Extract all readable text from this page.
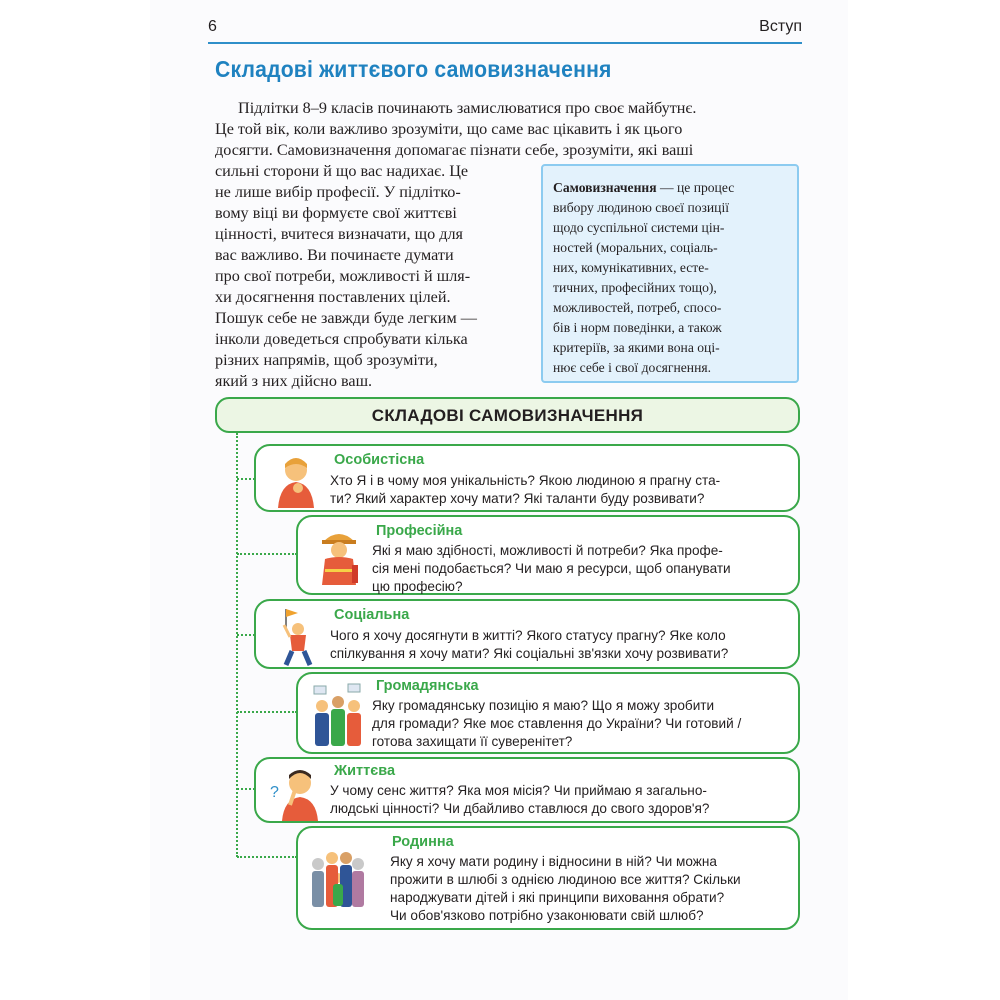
6	Вступ
Складові життєвого самовизначення
Підлітки 8–9 класів починають замислюватися про своє майбутнє.
Це той вік, коли важливо зрозуміти, що саме вас цікавить і як цього
досягти. Самовизначення допомагає пізнати себе, зрозуміти, які ваші
сильні сторони й що вас надихає. Це
не лише вибір професії. У підлітко-
вому віці ви формуєте свої життєві
цінності, вчитеся визначати, що для
вас важливо. Ви починаєте думати
про свої потреби, можливості й шля-
хи досягнення поставлених цілей.
Пошук себе не завжди буде легким —
інколи доведеться спробувати кілька
різних напрямів, щоб зрозуміти,
який з них дійсно ваш.
Самовизначення — це процес
вибору людиною своєї позиції
щодо суспільної системи цін-
ностей (моральних, соціаль-
них, комунікативних, есте-
тичних, професійних тощо),
можливостей, потреб, спосо-
бів і норм поведінки, а також
критеріїв, за якими вона оці-
нює себе і свої досягнення.
СКЛАДОВІ САМОВИЗНАЧЕННЯ
Особистісна
Хто Я і в чому моя унікальність? Якою людиною я прагну ста-
ти? Який характер хочу мати? Які таланти буду розвивати?
Професійна
Які я маю здібності, можливості й потреби? Яка профе-
сія мені подобається? Чи маю я ресурси, щоб опанувати
цю професію?
Соціальна
Чого я хочу досягнути в житті? Якого статусу прагну? Яке коло
спілкування я хочу мати? Які соціальні зв'язки хочу розвивати?
Громадянська
Яку громадянську позицію я маю? Що я можу зробити
для громади? Яке моє ставлення до України? Чи готовий /
готова захищати її суверенітет?
?
Життєва
У чому сенс життя? Яка моя місія? Чи приймаю я загально-
людські цінності? Чи дбайливо ставлюся до свого здоров'я?
Родинна
Яку я хочу мати родину і відносини в ній? Чи можна
прожити в шлюбі з однією людиною все життя? Скільки
народжувати дітей і які принципи виховання обрати?
Чи обов'язково потрібно узаконювати свій шлюб?
